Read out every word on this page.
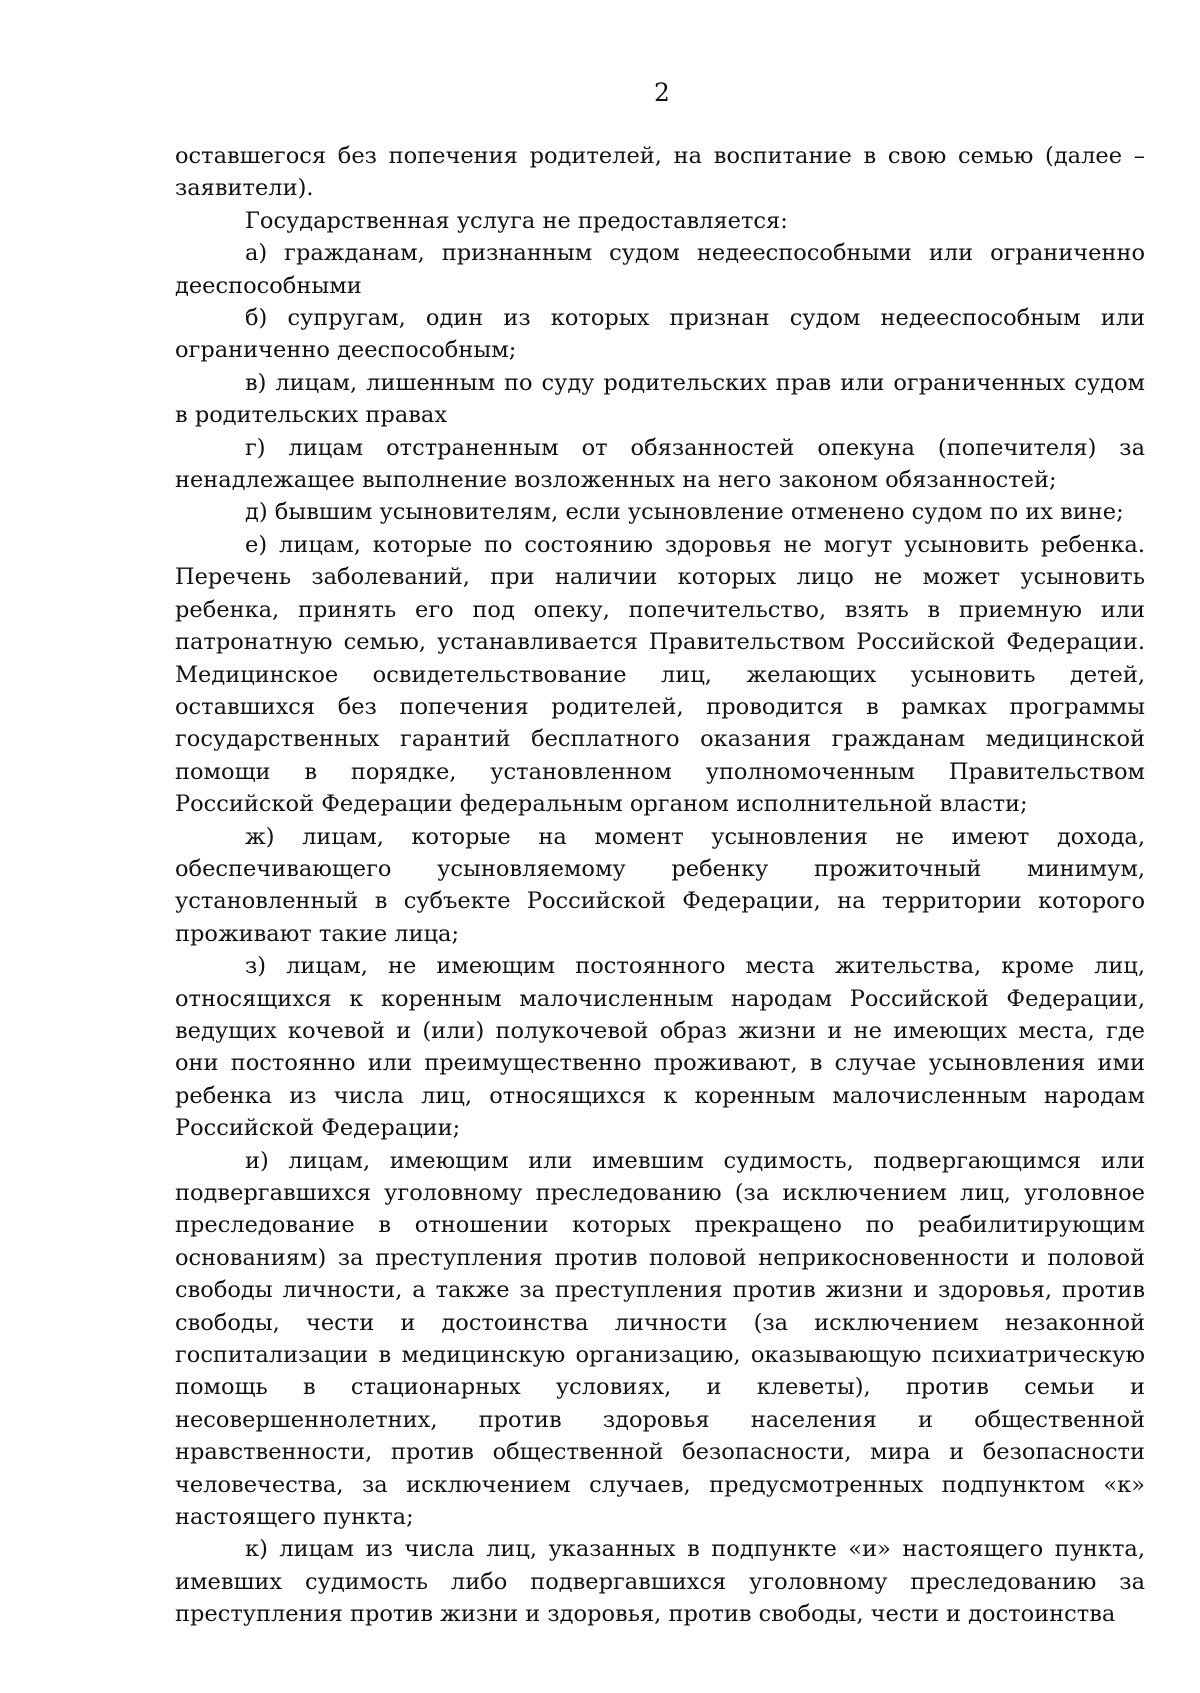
2

оставшегося без попечения родителей, на воспитание в свою семью (далее – заявители).

Государственная услуга не предоставляется:

а) гражданам, признанным судом недееспособными или ограниченно дееспособными

б) супругам, один из которых признан судом недееспособным или ограниченно дееспособным;

в) лицам, лишенным по суду родительских прав или ограниченных судом в родительских правах

г) лицам отстраненным от обязанностей опекуна (попечителя) за ненадлежащее выполнение возложенных на него законом обязанностей;

д) бывшим усыновителям, если усыновление отменено судом по их вине;

е) лицам, которые по состоянию здоровья не могут усыновить ребенка. Перечень заболеваний, при наличии которых лицо не может усыновить ребенка, принять его под опеку, попечительство, взять в приемную или патронатную семью, устанавливается Правительством Российской Федерации. Медицинское освидетельствование лиц, желающих усыновить детей, оставшихся без попечения родителей, проводится в рамках программы государственных гарантий бесплатного оказания гражданам медицинской помощи в порядке, установленном уполномоченным Правительством Российской Федерации федеральным органом исполнительной власти;

ж) лицам, которые на момент усыновления не имеют дохода, обеспечивающего усыновляемому ребенку прожиточный минимум, установленный в субъекте Российской Федерации, на территории которого проживают такие лица;

з) лицам, не имеющим постоянного места жительства, кроме лиц, относящихся к коренным малочисленным народам Российской Федерации, ведущих кочевой и (или) полукочевой образ жизни и не имеющих места, где они постоянно или преимущественно проживают, в случае усыновления ими ребенка из числа лиц, относящихся к коренным малочисленным народам Российской Федерации;

и) лицам, имеющим или имевшим судимость, подвергающимся или подвергавшихся уголовному преследованию (за исключением лиц, уголовное преследование в отношении которых прекращено по реабилитирующим основаниям) за преступления против половой неприкосновенности и половой свободы личности, а также за преступления против жизни и здоровья, против свободы, чести и достоинства личности (за исключением незаконной госпитализации в медицинскую организацию, оказывающую психиатрическую помощь в стационарных условиях, и клеветы), против семьи и несовершеннолетних, против здоровья населения и общественной нравственности, против общественной безопасности, мира и безопасности человечества, за исключением случаев, предусмотренных подпунктом «к» настоящего пункта;

к) лицам из числа лиц, указанных в подпункте «и» настоящего пункта, имевших судимость либо подвергавшихся уголовному преследованию за преступления против жизни и здоровья, против свободы, чести и достоинства
